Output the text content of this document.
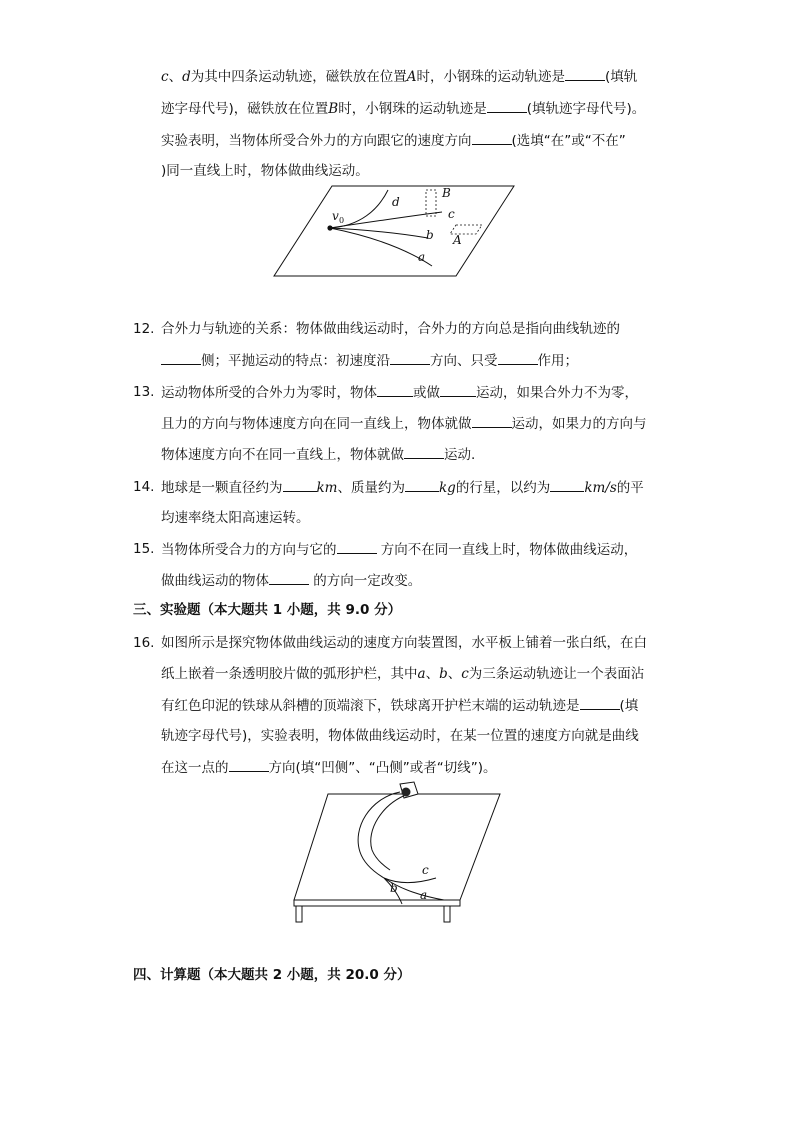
c、d为其中四条运动轨迹，磁铁放在位置A时，小钢珠的运动轨迹是	(填轨
迹字母代号)，磁铁放在位置B时，小钢珠的运动轨迹是	(填轨迹字母代号)。
实验表明，当物体所受合外力的方向跟它的速度方向	(选填“在”或“不在”
)同一直线上时，物体做曲线运动。
v 0
d
c
b
a
B
A
12. 合外力与轨迹的关系：物体做曲线运动时，合外力的方向总是指向曲线轨迹的
侧；平抛运动的特点：初速度沿	方向、只受	作用；
13. 运动物体所受的合外力为零时，物体	或做	运动，如果合外力不为零，
且力的方向与物体速度方向在同一直线上，物体就做	运动，如果力的方向与
物体速度方向不在同一直线上，物体就做	运动.
14. 地球是一颗直径约为	km、质量约为	kg的行星，以约为	km/s的平
均速率绕太阳高速运转。
15. 当物体所受合力的方向与它的	方向不在同一直线上时，物体做曲线运动，
做曲线运动的物体	的方向一定改变。
三、实验题（本大题共 1 小题，共 9.0 分）
16. 如图所示是探究物体做曲线运动的速度方向装置图，水平板上铺着一张白纸，在白
纸上嵌着一条透明胶片做的弧形护栏，其中a、b、c为三条运动轨迹让一个表面沾
有红色印泥的铁球从斜槽的顶端滚下，铁球离开护栏末端的运动轨迹是	(填
轨迹字母代号)，实验表明，物体做曲线运动时，在某一位置的速度方向就是曲线
在这一点的	方向(填“凹侧”、“凸侧”或者“切线”)。
c
b a
四、计算题（本大题共 2 小题，共 20.0 分）
